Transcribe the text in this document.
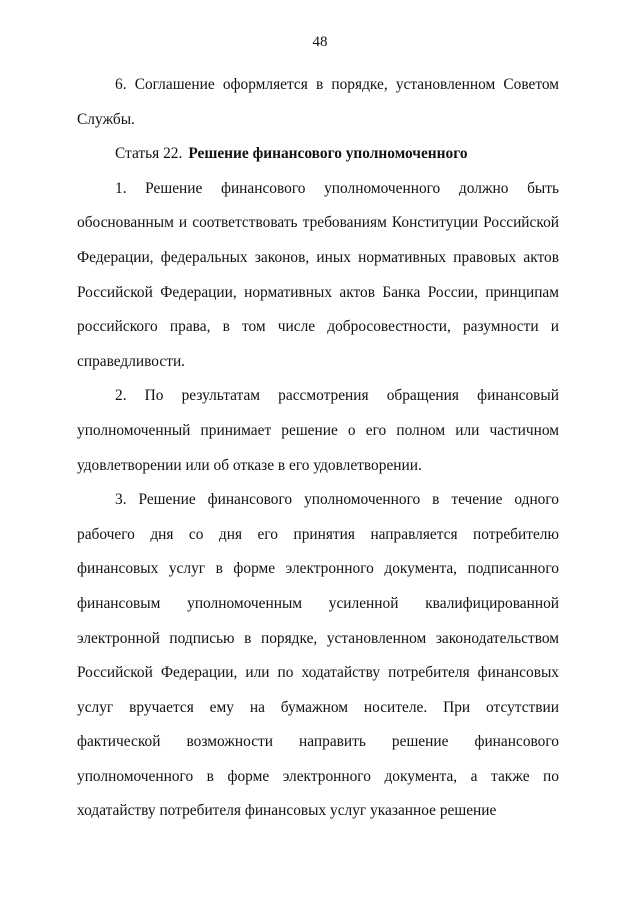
48

6. Соглашение оформляется в порядке, установленном Советом Службы.

Статья 22. Решение финансового уполномоченного

1. Решение финансового уполномоченного должно быть обоснованным и соответствовать требованиям Конституции Российской Федерации, федеральных законов, иных нормативных правовых актов Российской Федерации, нормативных актов Банка России, принципам российского права, в том числе добросовестности, разумности и справедливости.

2. По результатам рассмотрения обращения финансовый уполномоченный принимает решение о его полном или частичном удовлетворении или об отказе в его удовлетворении.

3. Решение финансового уполномоченного в течение одного рабочего дня со дня его принятия направляется потребителю финансовых услуг в форме электронного документа, подписанного финансовым уполномоченным усиленной квалифицированной электронной подписью в порядке, установленном законодательством Российской Федерации, или по ходатайству потребителя финансовых услуг вручается ему на бумажном носителе. При отсутствии фактической возможности направить решение финансового уполномоченного в форме электронного документа, а также по ходатайству потребителя финансовых услуг указанное решение
